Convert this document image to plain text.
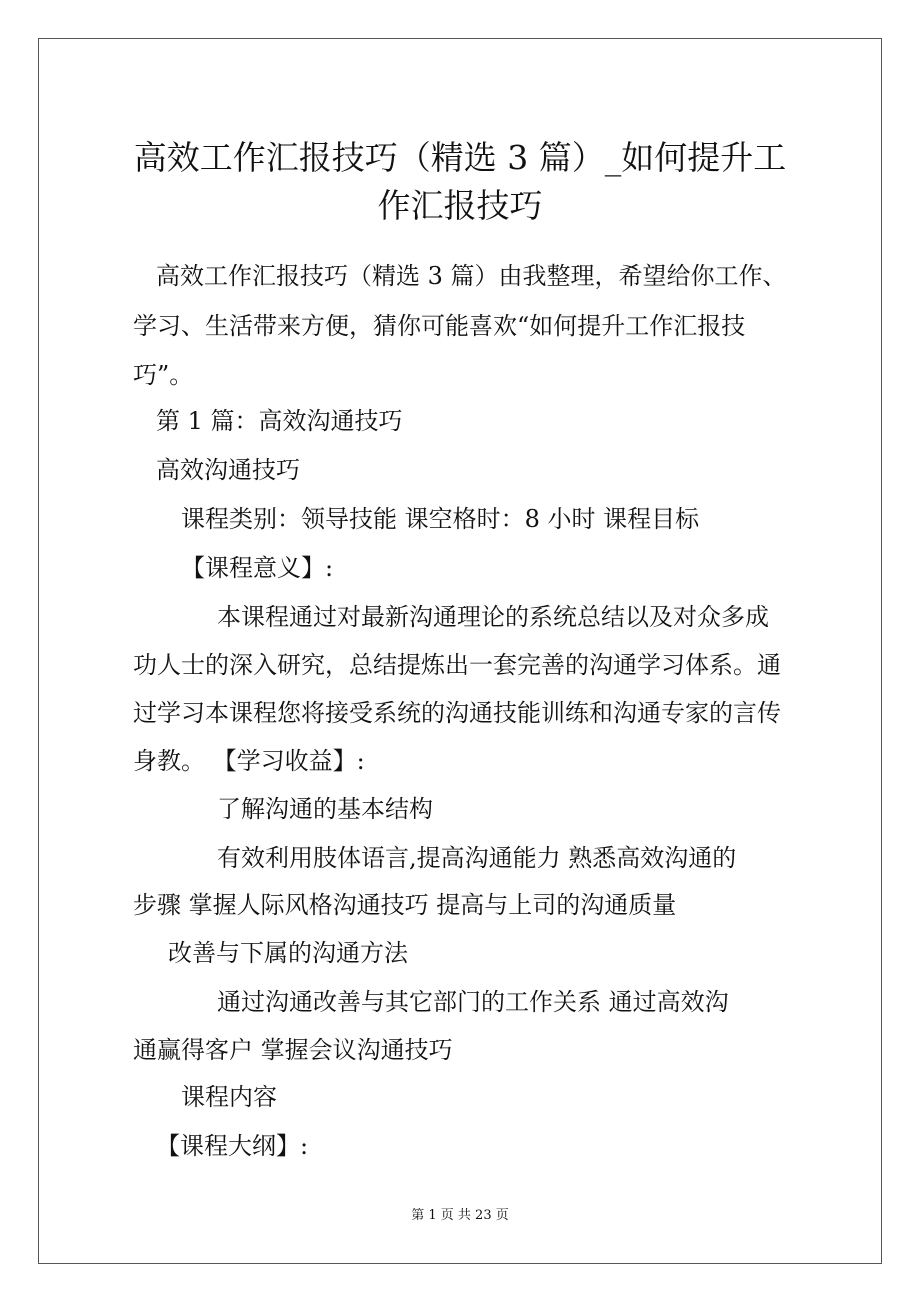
高效工作汇报技巧（精选 3 篇）_如何提升工
作汇报技巧
高效工作汇报技巧（精选 3 篇）由我整理，希望给你工作、
学习、生活带来方便，猜你可能喜欢“如何提升工作汇报技
巧”。
第 1 篇：高效沟通技巧
高效沟通技巧
课程类别：领导技能 课空格时：8 小时 课程目标
【课程意义】:
本课程通过对最新沟通理论的系统总结以及对众多成
功人士的深入研究，总结提炼出一套完善的沟通学习体系。通
过学习本课程您将接受系统的沟通技能训练和沟通专家的言传
身教。 【学习收益】:
了解沟通的基本结构
有效利用肢体语言,提高沟通能力 熟悉高效沟通的
步骤 掌握人际风格沟通技巧 提高与上司的沟通质量
改善与下属的沟通方法
通过沟通改善与其它部门的工作关系 通过高效沟
通赢得客户 掌握会议沟通技巧
课程内容
【课程大纲】:
第 1 页 共 23 页
